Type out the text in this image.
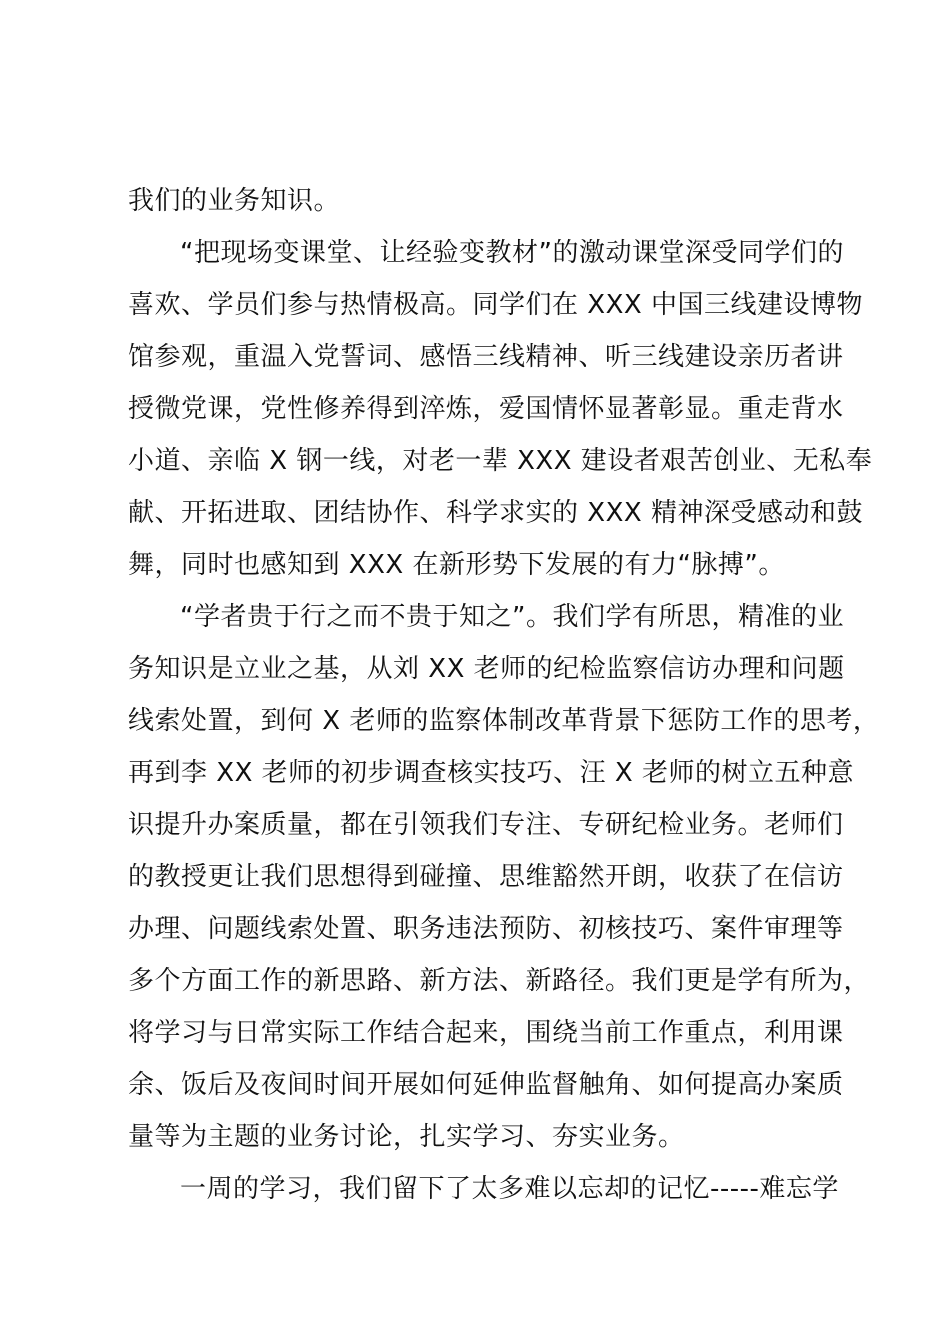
我们的业务知识。
“把现场变课堂、让经验变教材”的激动课堂深受同学们的
喜欢、学员们参与热情极高。同学们在 XXX 中国三线建设博物
馆参观，重温入党誓词、感悟三线精神、听三线建设亲历者讲
授微党课，党性修养得到淬炼，爱国情怀显著彰显。重走背水
小道、亲临 X 钢一线，对老一辈 XXX 建设者艰苦创业、无私奉
献、开拓进取、团结协作、科学求实的 XXX 精神深受感动和鼓
舞，同时也感知到 XXX 在新形势下发展的有力“脉搏”。
“学者贵于行之而不贵于知之”。我们学有所思，精准的业
务知识是立业之基，从刘 XX 老师的纪检监察信访办理和问题
线索处置，到何 X 老师的监察体制改革背景下惩防工作的思考，
再到李 XX 老师的初步调查核实技巧、汪 X 老师的树立五种意
识提升办案质量，都在引领我们专注、专研纪检业务。老师们
的教授更让我们思想得到碰撞、思维豁然开朗，收获了在信访
办理、问题线索处置、职务违法预防、初核技巧、案件审理等
多个方面工作的新思路、新方法、新路径。我们更是学有所为，
将学习与日常实际工作结合起来，围绕当前工作重点，利用课
余、饭后及夜间时间开展如何延伸监督触角、如何提高办案质
量等为主题的业务讨论，扎实学习、夯实业务。
一周的学习，我们留下了太多难以忘却的记忆-----难忘学
